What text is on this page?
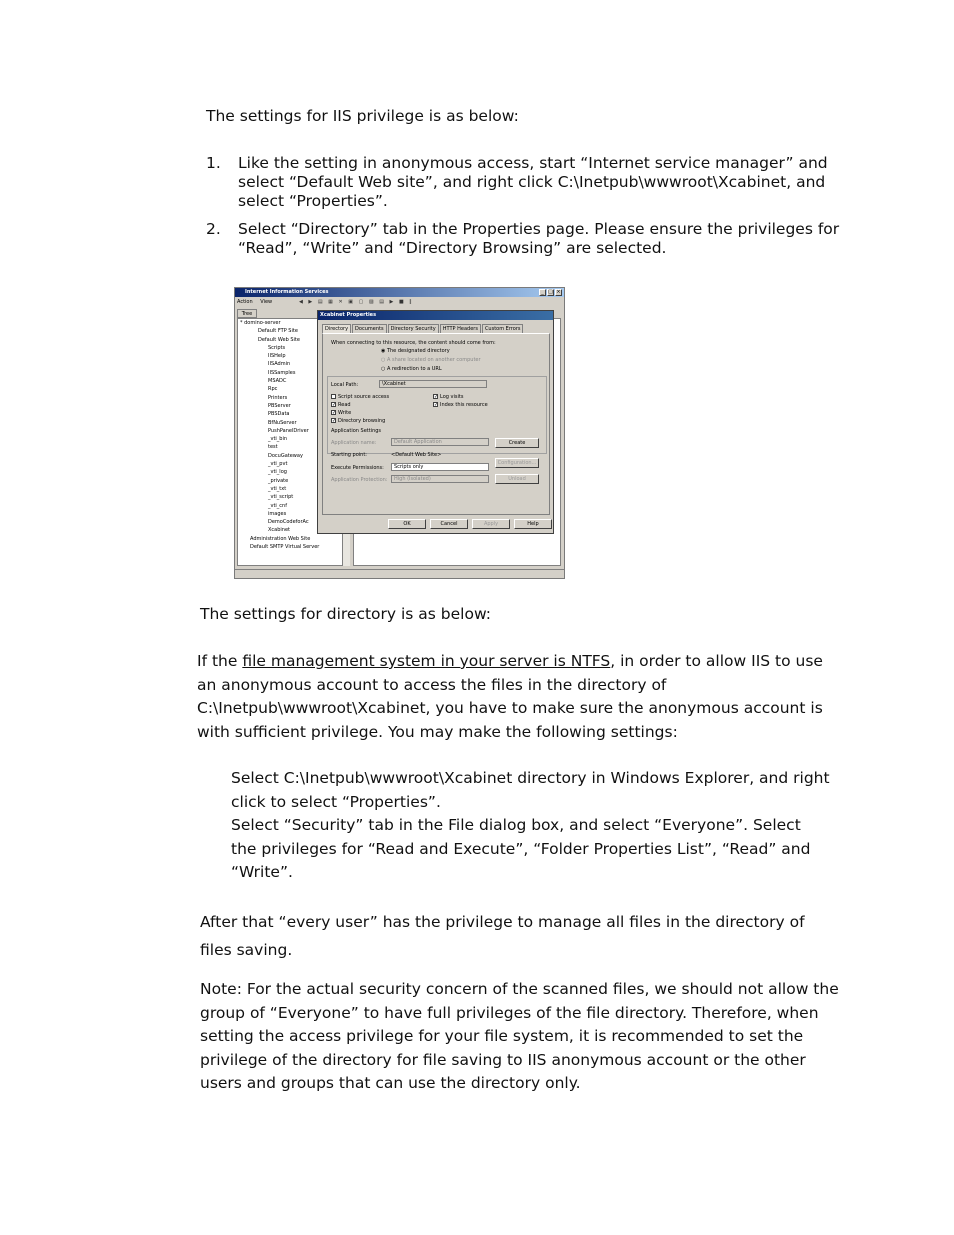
The settings for IIS privilege is as below:

1. Like the setting in anonymous access, start “Internet service manager” and select “Default Web site”, and right click C:\Inetpub\wwwroot\Xcabinet, and select “Properties”.
2. Select “Directory” tab in the Properties page. Please ensure the privileges for “Read”, “Write” and “Directory Browsing” are selected.
Internet Information Services	_ □ ×
Action View	◀ ▶ ▤ ▦ ✕ ▣ ▢ ▨ ▤ ▶ ■ ∥
Tree
* domino-server
Default FTP Site
Default Web Site
Scripts
IISHelp
IISAdmin
IISSamples
MSADC
Rpc
Printers
PBServer
PBSData
BfNuServer
PushPanelDriver
_vti_bin
test
DocuGateway
_vti_pvt
_vti_log
_private
_vti_txt
_vti_script
_vti_cnf
images
DemoCodeforAc
Xcabinet
Administration Web Site
Default SMTP Virtual Server
Xcabinet Properties
Directory Documents Directory Security HTTP Headers Custom Errors
When connecting to this resource, the content should come from:
◉ The designated directory
○ A share located on another computer
○ A redirection to a URL
Local Path:	\Xcabinet
Script source access
✓ Read
✓ Write
✓ Directory browsing
✓ Log visits
✓ Index this resource
Application Settings
Application name:	Default Application	Create
Starting point:	<Default Web Site>
Execute Permissions:	Scripts only
Configuration...
Application Protection:	High (Isolated)	Unload
OK	Cancel	Apply	Help

The settings for directory is as below:

If the file management system in your server is NTFS, in order to allow IIS to use an anonymous account to access the files in the directory of C:\Inetpub\wwwroot\Xcabinet, you have to make sure the anonymous account is with sufficient privilege. You may make the following settings:

Select C:\Inetpub\wwwroot\Xcabinet directory in Windows Explorer, and right click to select “Properties”.

Select “Security” tab in the File dialog box, and select “Everyone”. Select the privileges for “Read and Execute”, “Folder Properties List”, “Read” and “Write”.

After that “every user” has the privilege to manage all files in the directory of files saving.

Note: For the actual security concern of the scanned files, we should not allow the group of “Everyone” to have full privileges of the file directory. Therefore, when setting the access privilege for your file system, it is recommended to set the privilege of the directory for file saving to IIS anonymous account or the other users and groups that can use the directory only.
